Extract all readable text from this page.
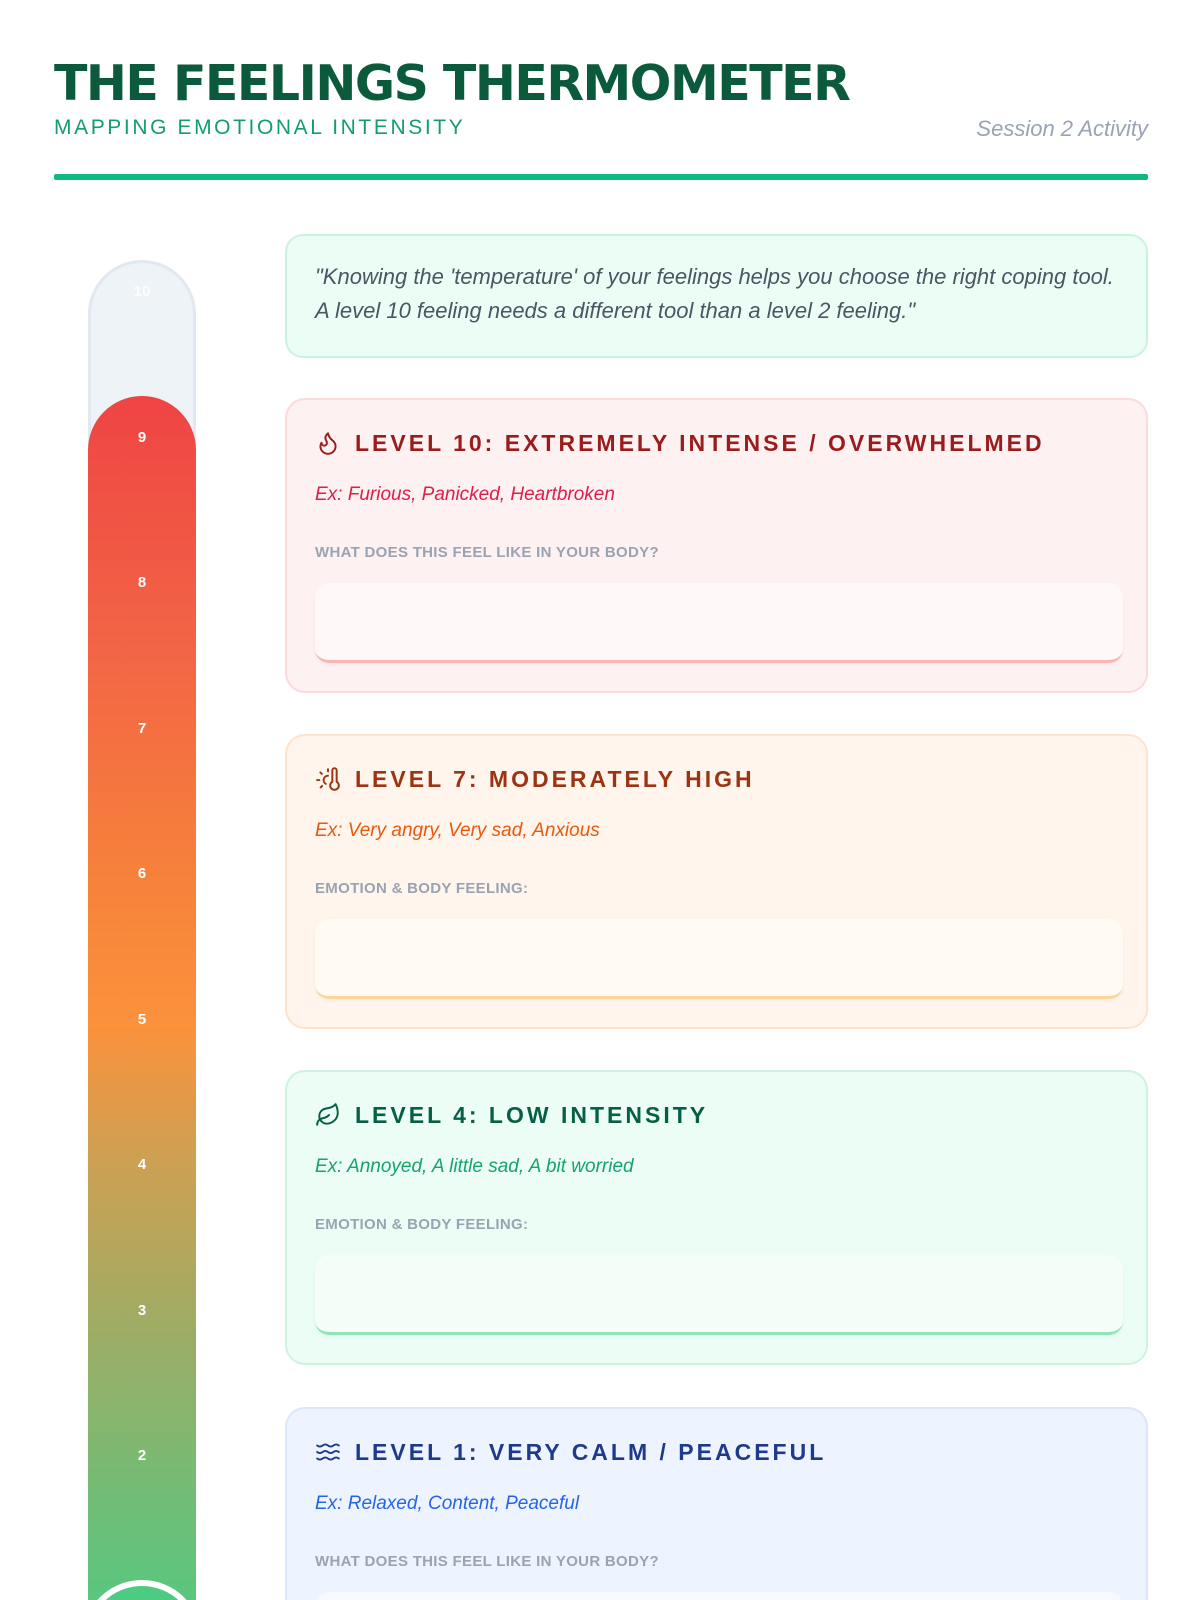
THE FEELINGS THERMOMETER
MAPPING EMOTIONAL INTENSITY	Session 2 Activity
10
9
8
7
6
5
4
3
2

"Knowing the 'temperature' of your feelings helps you choose the right coping tool. A level 10 feeling needs a different tool than a level 2 feeling."

LEVEL 10: EXTREMELY INTENSE / OVERWHELMED
Ex: Furious, Panicked, Heartbroken
WHAT DOES THIS FEEL LIKE IN YOUR BODY?
LEVEL 7: MODERATELY HIGH
Ex: Very angry, Very sad, Anxious
EMOTION & BODY FEELING:
LEVEL 4: LOW INTENSITY
Ex: Annoyed, A little sad, A bit worried
EMOTION & BODY FEELING:
LEVEL 1: VERY CALM / PEACEFUL
Ex: Relaxed, Content, Peaceful
WHAT DOES THIS FEEL LIKE IN YOUR BODY?
